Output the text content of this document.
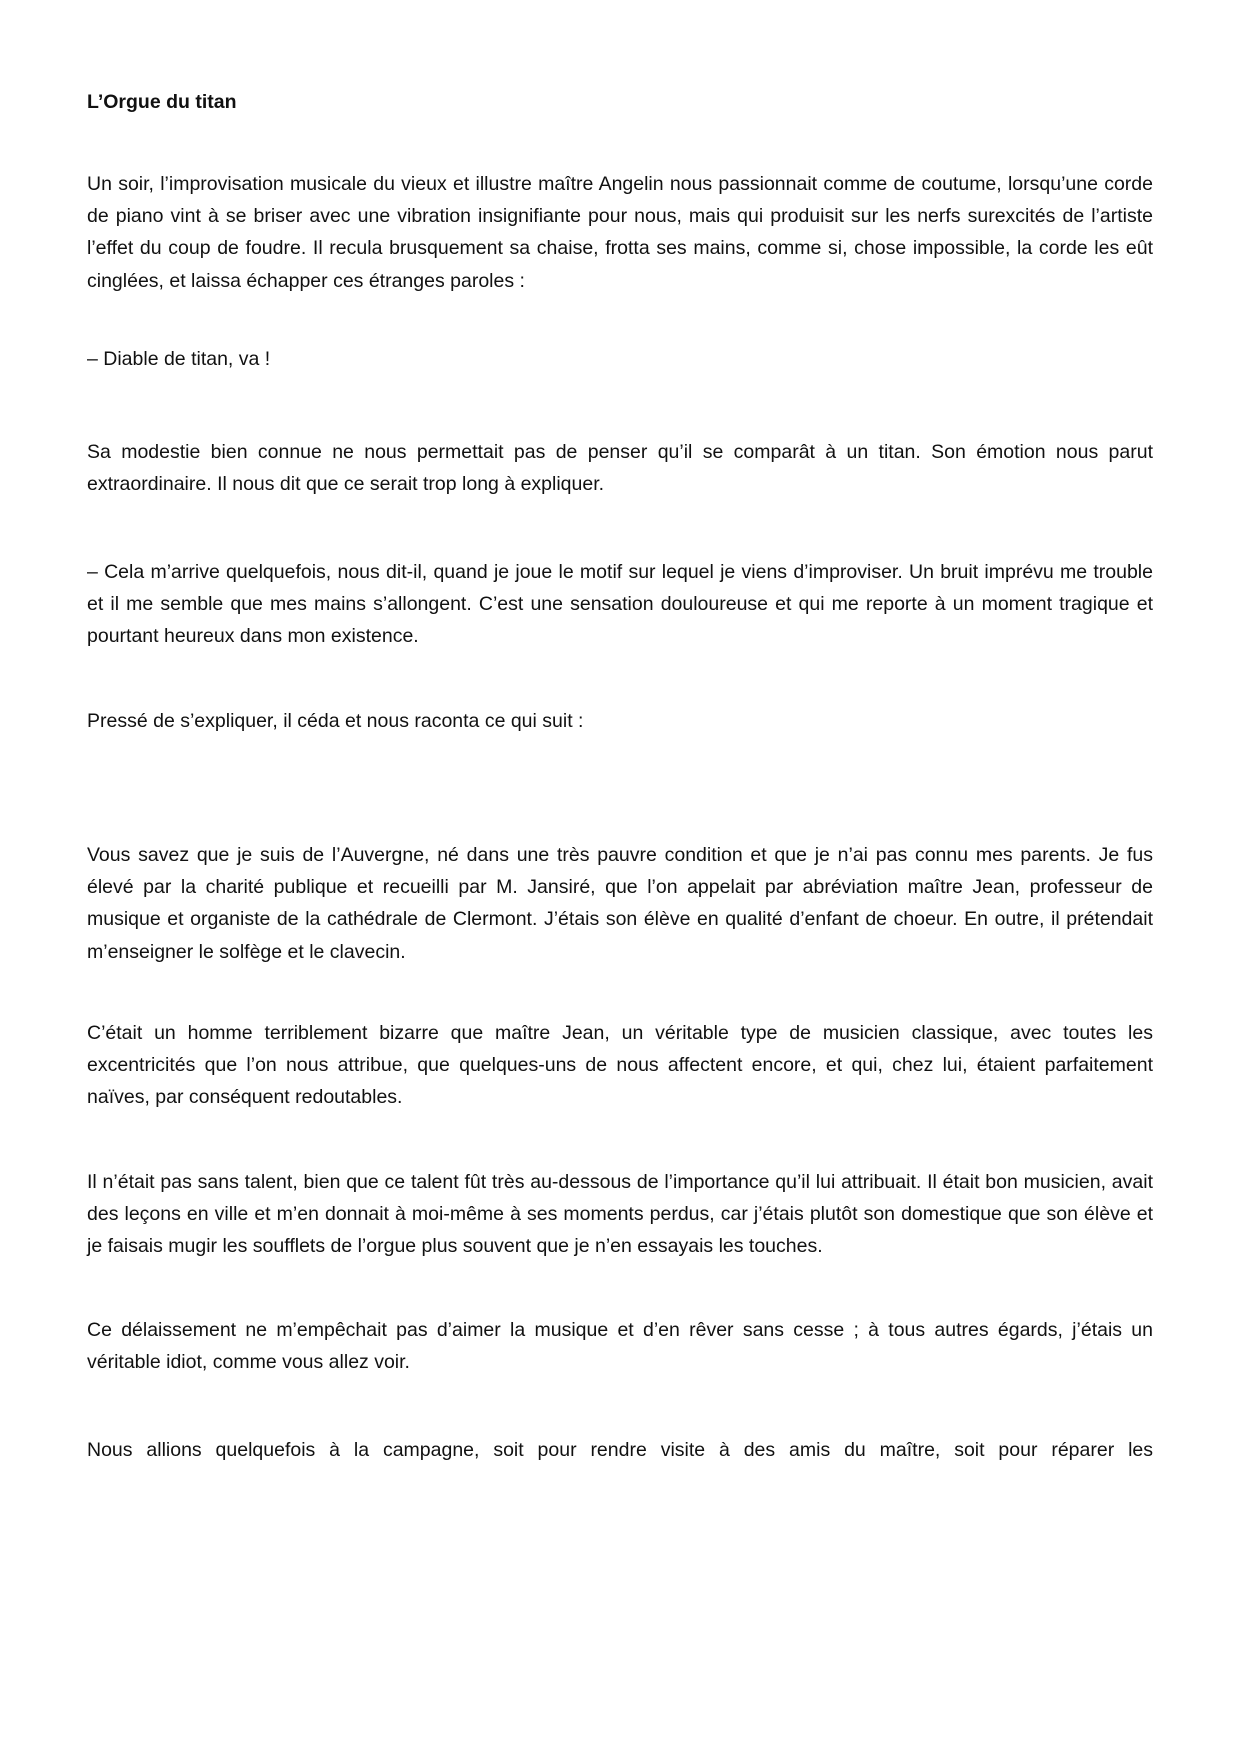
L’Orgue du titan

Un soir, l’improvisation musicale du vieux et illustre maître Angelin nous passionnait comme de coutume, lorsqu’une corde de piano vint à se briser avec une vibration insignifiante pour nous, mais qui produisit sur les nerfs surexcités de l’artiste l’effet du coup de foudre. Il recula brusquement sa chaise, frotta ses mains, comme si, chose impossible, la corde les eût cinglées, et laissa échapper ces étranges paroles :

– Diable de titan, va !

Sa modestie bien connue ne nous permettait pas de penser qu’il se comparât à un titan. Son émotion nous parut extraordinaire. Il nous dit que ce serait trop long à expliquer.

– Cela m’arrive quelquefois, nous dit-il, quand je joue le motif sur lequel je viens d’improviser. Un bruit imprévu me trouble et il me semble que mes mains s’allongent. C’est une sensation douloureuse et qui me reporte à un moment tragique et pourtant heureux dans mon existence.

Pressé de s’expliquer, il céda et nous raconta ce qui suit :

Vous savez que je suis de l’Auvergne, né dans une très pauvre condition et que je n’ai pas connu mes parents. Je fus élevé par la charité publique et recueilli par M. Jansiré, que l’on appelait par abréviation maître Jean, professeur de musique et organiste de la cathédrale de Clermont. J’étais son élève en qualité d’enfant de choeur. En outre, il prétendait m’enseigner le solfège et le clavecin.

C’était un homme terriblement bizarre que maître Jean, un véritable type de musicien classique, avec toutes les excentricités que l’on nous attribue, que quelques-uns de nous affectent encore, et qui, chez lui, étaient parfaitement naïves, par conséquent redoutables.

Il n’était pas sans talent, bien que ce talent fût très au-dessous de l’importance qu’il lui attribuait. Il était bon musicien, avait des leçons en ville et m’en donnait à moi-même à ses moments perdus, car j’étais plutôt son domestique que son élève et je faisais mugir les soufflets de l’orgue plus souvent que je n’en essayais les touches.

Ce délaissement ne m’empêchait pas d’aimer la musique et d’en rêver sans cesse ; à tous autres égards, j’étais un véritable idiot, comme vous allez voir.

Nous allions quelquefois à la campagne, soit pour rendre visite à des amis du maître, soit pour réparer les
